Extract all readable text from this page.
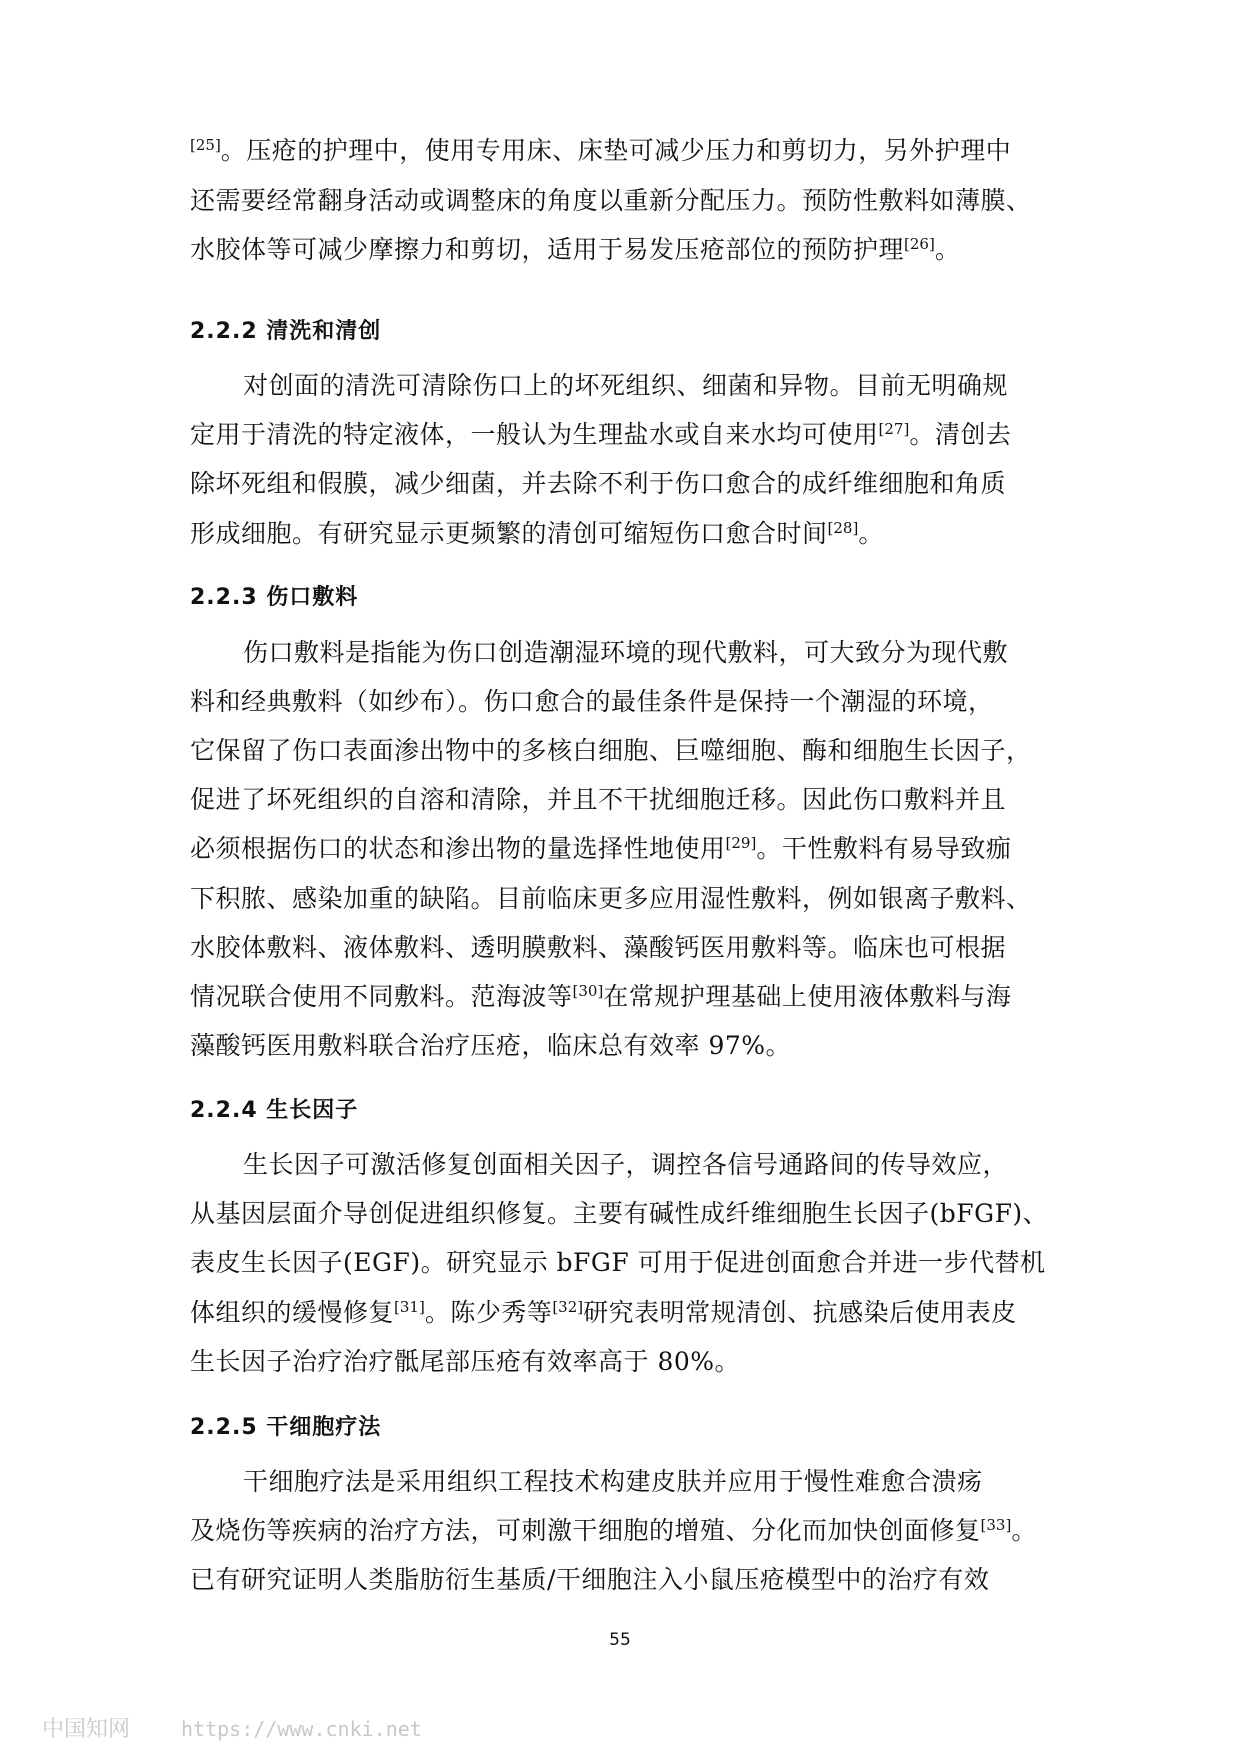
[25]。压疮的护理中，使用专用床、床垫可减少压力和剪切力，另外护理中
还需要经常翻身活动或调整床的角度以重新分配压力。预防性敷料如薄膜、
水胶体等可减少摩擦力和剪切，适用于易发压疮部位的预防护理[26]。
2.2.2 清洗和清创
对创面的清洗可清除伤口上的坏死组织、细菌和异物。目前无明确规
定用于清洗的特定液体，一般认为生理盐水或自来水均可使用[27]。清创去
除坏死组和假膜，减少细菌，并去除不利于伤口愈合的成纤维细胞和角质
形成细胞。有研究显示更频繁的清创可缩短伤口愈合时间[28]。
2.2.3 伤口敷料
伤口敷料是指能为伤口创造潮湿环境的现代敷料，可大致分为现代敷
料和经典敷料（如纱布）。伤口愈合的最佳条件是保持一个潮湿的环境，
它保留了伤口表面渗出物中的多核白细胞、巨噬细胞、酶和细胞生长因子，
促进了坏死组织的自溶和清除，并且不干扰细胞迁移。因此伤口敷料并且
必须根据伤口的状态和渗出物的量选择性地使用[29]。干性敷料有易导致痂
下积脓、感染加重的缺陷。目前临床更多应用湿性敷料，例如银离子敷料、
水胶体敷料、液体敷料、透明膜敷料、藻酸钙医用敷料等。临床也可根据
情况联合使用不同敷料。范海波等[30]在常规护理基础上使用液体敷料与海
藻酸钙医用敷料联合治疗压疮，临床总有效率 97%。
2.2.4 生长因子
生长因子可激活修复创面相关因子，调控各信号通路间的传导效应，
从基因层面介导创促进组织修复。主要有碱性成纤维细胞生长因子(bFGF)、
表皮生长因子(EGF)。研究显示 bFGF 可用于促进创面愈合并进一步代替机
体组织的缓慢修复[31]。陈少秀等[32]研究表明常规清创、抗感染后使用表皮
生长因子治疗治疗骶尾部压疮有效率高于 80%。
2.2.5 干细胞疗法
干细胞疗法是采用组织工程技术构建皮肤并应用于慢性难愈合溃疡
及烧伤等疾病的治疗方法，可刺激干细胞的增殖、分化而加快创面修复[33]。
已有研究证明人类脂肪衍生基质/干细胞注入小鼠压疮模型中的治疗有效
55
中国知网	https://www.cnki.net
